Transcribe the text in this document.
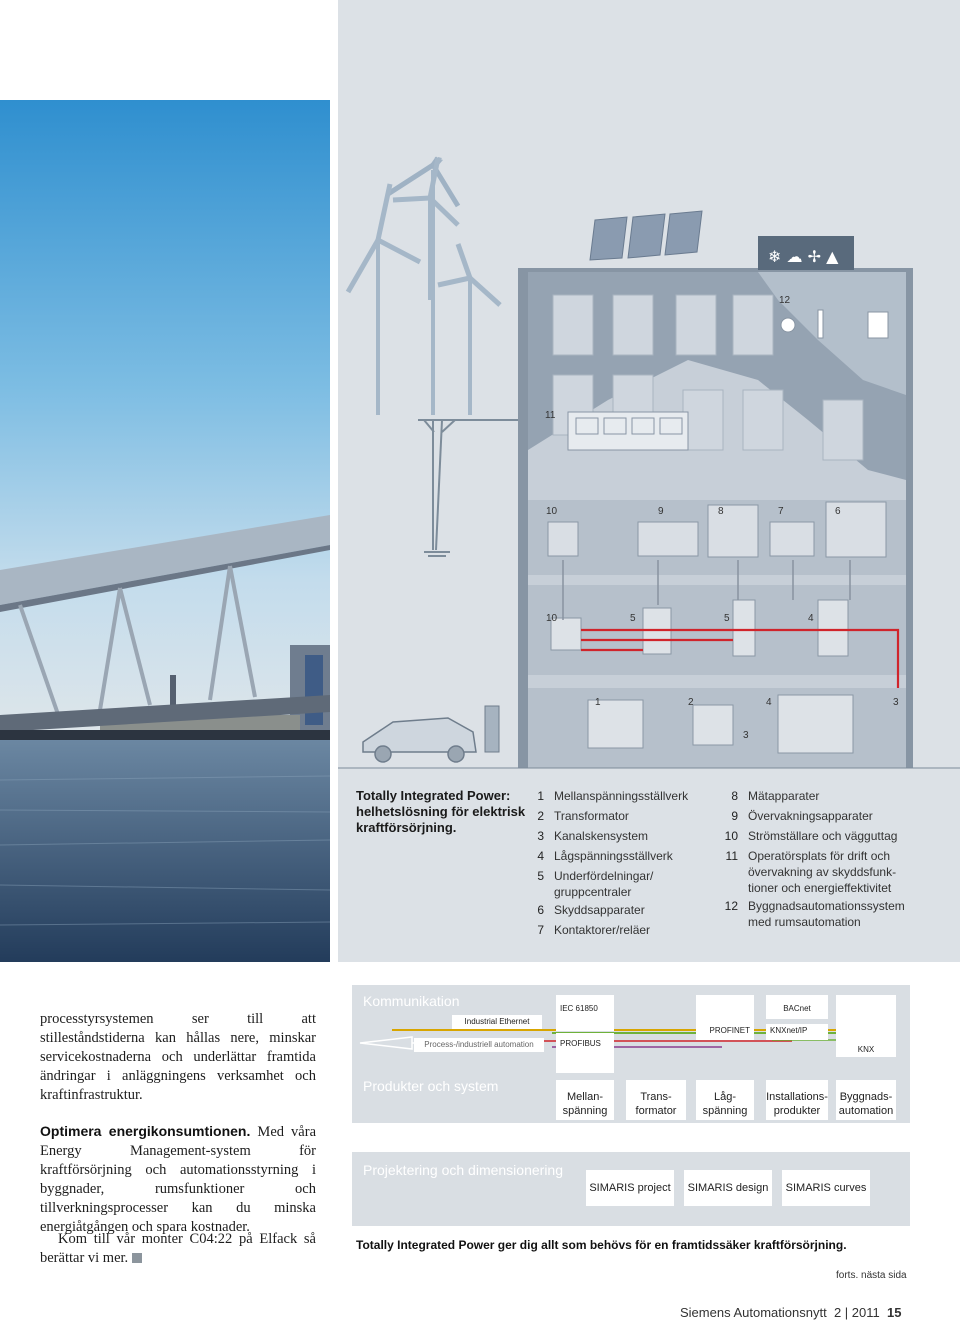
❄ ☁ ✢ ▲
12
11
10	9	8	7	6
10	5	5	4
1	2	4	3
3
Totally Integrated Power: helhetslösning för elektrisk kraftförsörjning.
1 Mellanspänningsställverk
2 Transformator
3 Kanalskensystem
4 Lågspänningsställverk
5 Underfördelningar/ gruppcentraler
6 Skyddsapparater
7 Kontaktorer/reläer
8 Mätapparater
9 Övervakningsapparater
10 Strömställare och vägguttag
11 Operatörsplats för drift och övervakning av skyddsfunk-tioner och energieffektivitet
12 Byggnadsautomationssystem med rumsautomation
processtyrsystemen ser till att stilleståndstiderna kan hållas nere, minskar servicekostnaderna och underlättar framtida ändringar i anläggningens verksamhet och kraftinfrastruktur.
Optimera energikonsumtionen. Med våra Energy Management-system för kraftförsörjning och automationsstyrning i byggnader, rumsfunktioner och tillverkningsprocesser kan du minska energiåtgången och spara kostnader.
Kom till vår monter C04:22 på Elfack så berättar vi mer.
Kommunikation
Produkter och system
Industrial Ethernet
Process-/industriell automation
IEC 61850
PROFIBUS
PROFINET
BACnet
KNXnet/IP
KNX
Mellan-
spänning
Trans-
formator
Låg-
spänning
Installations-
produkter
Byggnads-
automation
Projektering och dimensionering
SIMARIS project	SIMARIS design	SIMARIS curves
Totally Integrated Power ger dig allt som behövs för en framtidssäker kraftförsörjning.
forts. nästa sida
Siemens Automationsnytt 2 | 2011 15
